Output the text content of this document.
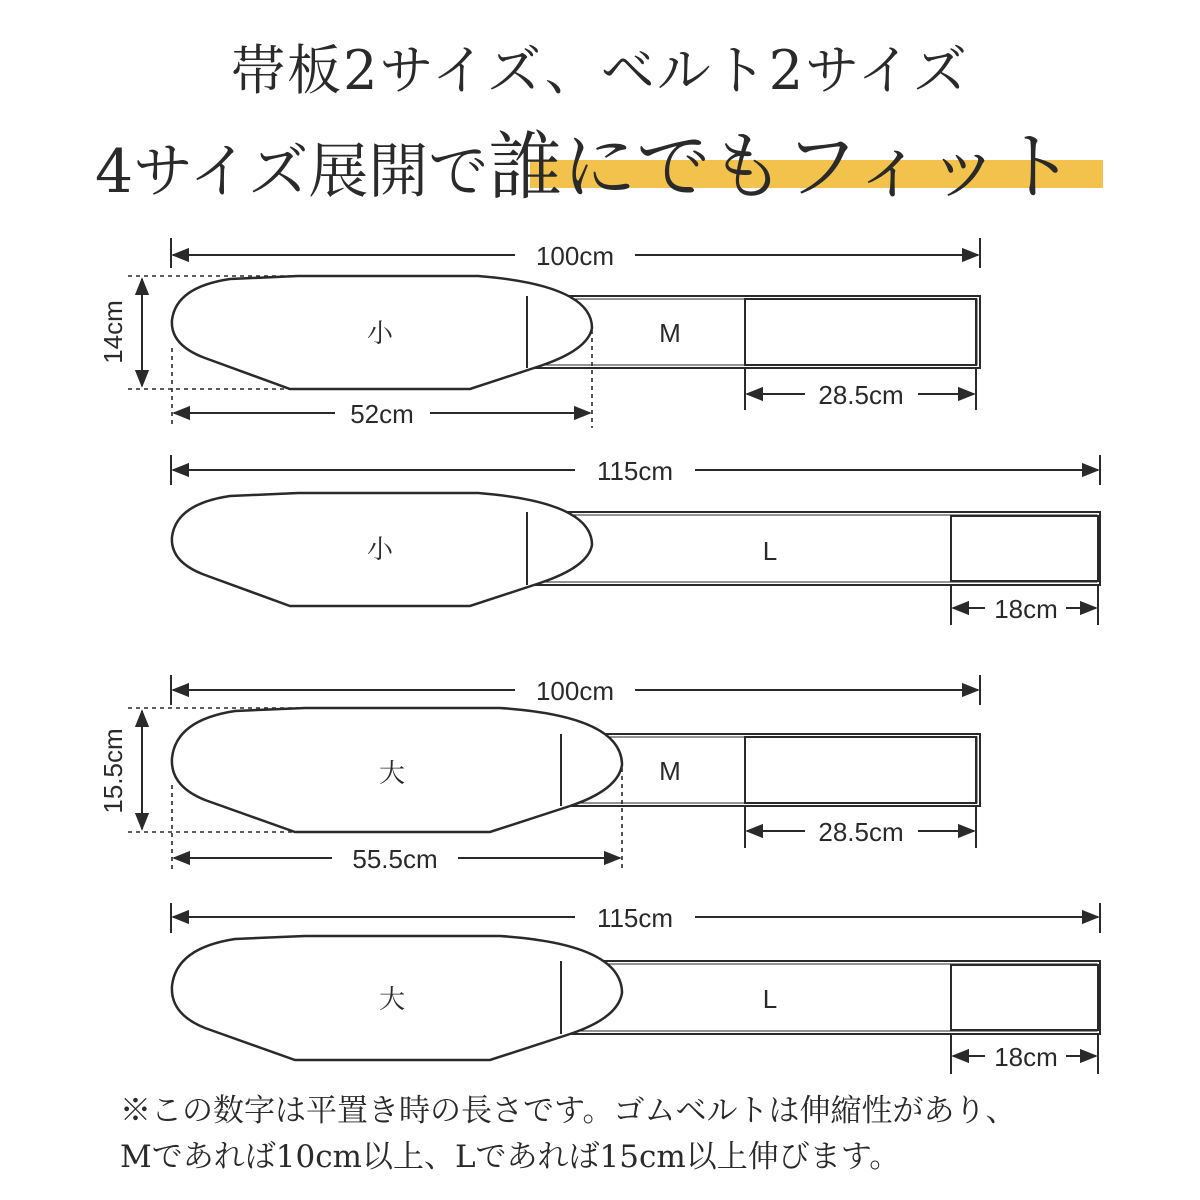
帯板2サイズ、ベルト2サイズ
4サイズ展開で誰にでもフィット
100cm
M
小
14cm
52cm
28.5cm
115cm
L
小
18cm
100cm
M
大
15.5cm
55.5cm
28.5cm
115cm
L
大
18cm
※この数字は平置き時の長さです。ゴムベルトは伸縮性があり、
Mであれば10cm以上、Lであれば15cm以上伸びます。
